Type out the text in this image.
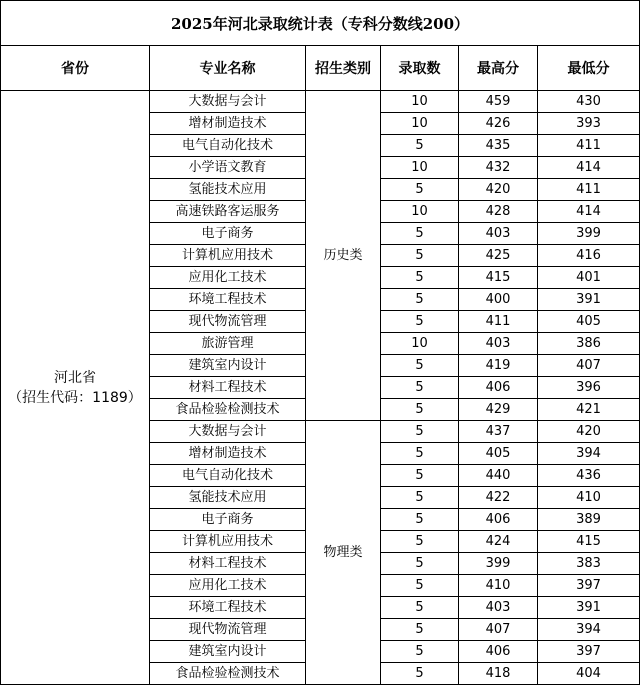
2025年河北录取统计表（专科分数线200）					
省份	专业名称	招生类别	录取数	最高分	最低分

河北省
（招生代码：1189）	大数据与会计	历史类	10	459	430
	增材制造技术		10	426	393
	电气自动化技术		5	435	411
	小学语文教育		10	432	414
	氢能技术应用		5	420	411
	高速铁路客运服务		10	428	414
	电子商务		5	403	399
	计算机应用技术		5	425	416
	应用化工技术		5	415	401
	环境工程技术		5	400	391
	现代物流管理		5	411	405
	旅游管理		10	403	386
	建筑室内设计		5	419	407
	材料工程技术		5	406	396
	食品检验检测技术		5	429	421
	大数据与会计	物理类	5	437	420
	增材制造技术		5	405	394
	电气自动化技术		5	440	436
	氢能技术应用		5	422	410
	电子商务		5	406	389
	计算机应用技术		5	424	415
	材料工程技术		5	399	383
	应用化工技术		5	410	397
	环境工程技术		5	403	391
	现代物流管理		5	407	394
	建筑室内设计		5	406	397
	食品检验检测技术		5	418	404
